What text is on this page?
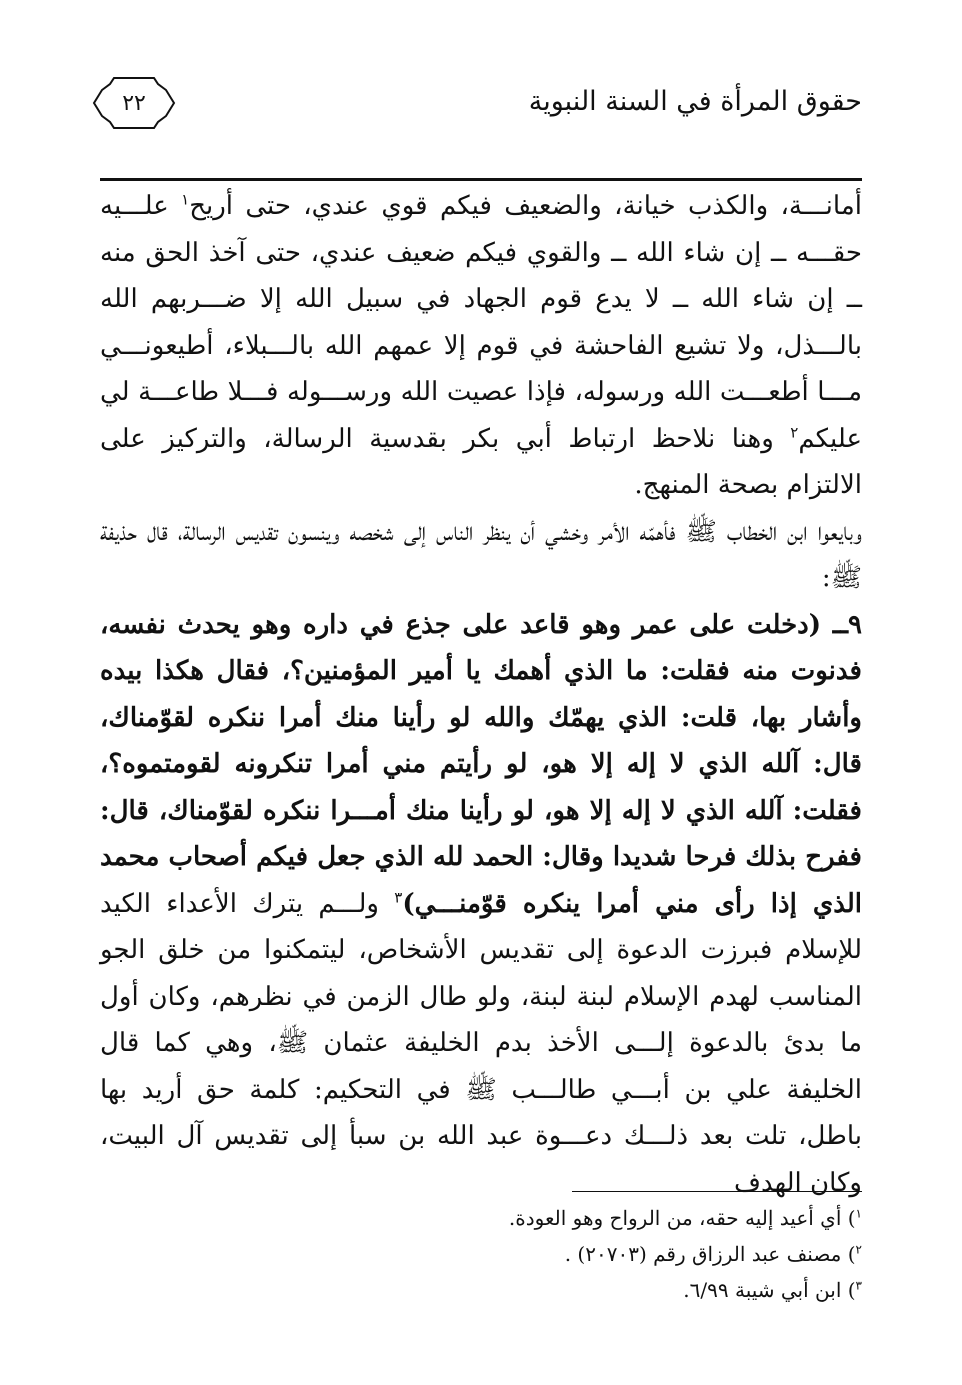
حقوق المرأة في السنة النبوية
٢٢

أمانـــة، والكذب خيانة، والضعيف فيكم قوي عندي، حتى أريح$^١$ علـــيه حقـــه ــ إن شاء الله ــ والقوي فيكم ضعيف عندي، حتى آخذ الحق منه ــ إن شاء الله ــ لا يدع قوم الجهاد في سبيل الله إلا ضـــربهم الله بالـــذل، ولا تشيع الفاحشة في قوم إلا عمهم الله بالـــبلاء، أطيعونـــي مـــا أطعـــت الله ورسوله، فإذا عصيت الله ورســـوله فـــلا طاعـــة لي عليكم$^٢$ وهنا نلاحظ ارتباط أبي بكر بقدسية الرسالة، والتركيز على الالتزام بصحة المنهج.

وبايعوا ابن الخطاب ﷺ فأهمّه الأمر وخشي أن ينظر الناس إلى شخصه وينسون تقديس الرسالة، قال حذيفة ﷺ:

٩ــ (دخلت على عمر وهو قاعد على جذع في داره وهو يحدث نفسه، فدنوت منه فقلت: ما الذي أهمك يا أمير المؤمنين؟، فقال هكذا بيده وأشار بها، قلت: الذي يهمّك والله لو رأينا منك أمرا ننكره لقوّمناك، قال: آلله الذي لا إله إلا هو، لو رأيتم مني أمرا تنكرونه لقومتموه؟، فقلت: آلله الذي لا إله إلا هو، لو رأينا منك أمـــرا ننكره لقوّمناك، قال: ففرح بذلك فرحا شديدا وقال: الحمد لله الذي جعل فيكم أصحاب محمد الذي إذا رأى مني أمرا ينكره قوّمنـــي)$^٣$ ولـــم يترك الأعداء الكيد للإسلام فبرزت الدعوة إلى تقديس الأشخاص، ليتمكنوا من خلق الجو المناسب لهدم الإسلام لبنة لبنة، ولو طال الزمن في نظرهم، وكان أول ما بدئ بالدعوة إلـــى الأخذ بدم الخليفة عثمان ﷺ، وهي كما قال الخليفة علي بن أبـــي طالـــب ﷺ في التحكيم: كلمة حق أريد بها باطل، تلت بعد ذلـــك دعـــوة عبد الله بن سبأ إلى تقديس آل البيت، وكان الهدف

$^١$) أي أعيد إليه حقه، من الرواح وهو العودة.
$^٢$) مصنف عبد الرزاق رقم (٢٠٧٠٣) .
$^٣$) ابن أبي شيبة ٦/٩٩.
